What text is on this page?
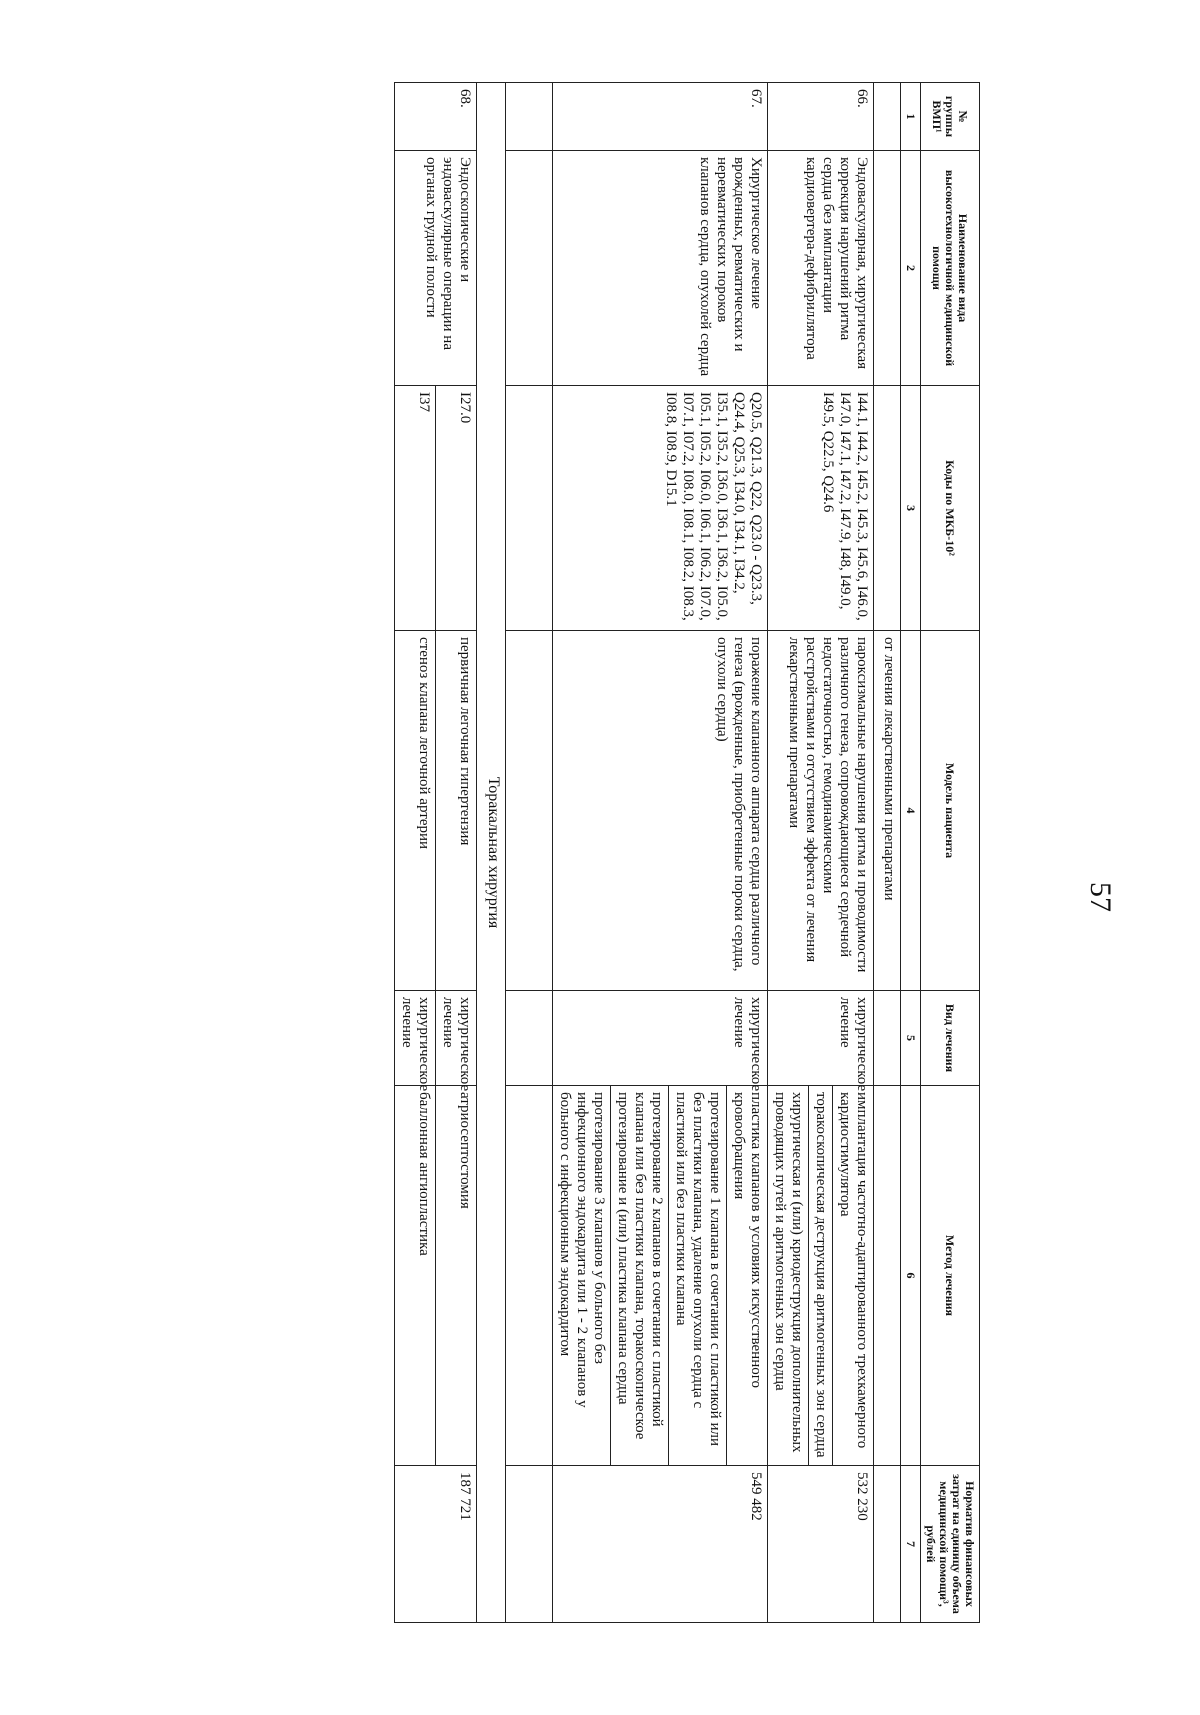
57
№ группы ВМП¹	Наименование вида высокотехнологичной медицинской помощи	Коды по МКБ-10²	Модель пациента	Вид лечения	Метод лечения	Норматив финансовых затрат на единицу объема медицинской помощи³, рублей
1	2	3	4	5	6	7
			от лечения лекарственными препаратами			
66.	Эндоваскулярная, хирургическая коррекция нарушений ритма сердца без имплантации кардиовертера-дефибриллятора	I44.1, I44.2, I45.2, I45.3, I45.6, I46.0, I47.0, I47.1, I47.2, I47.9, I48, I49.0, I49.5, Q22.5, Q24.6	пароксизмальные нарушения ритма и проводимости различного генеза, сопровождающиеся сердечной недостаточностью, гемодинамическими расстройствами и отсутствием эффекта от лечения лекарственными препаратами	хирургическое лечение	имплантация частотно-адаптированного трехкамерного кардиостимулятора	532 230
					торакоскопическая деструкция аритмогенных зон сердца	
					хирургическая и (или) криодеструкция дополнительных проводящих путей и аритмогенных зон сердца	
67.	Хирургическое лечение врожденных, ревматических и неревматических пороков клапанов сердца, опухолей сердца	Q20.5, Q21.3, Q22, Q23.0 - Q23.3, Q24.4, Q25.3, I34.0, I34.1, I34.2, I35.1, I35.2, I36.0, I36.1, I36.2, I05.0, I05.1, I05.2, I06.0, I06.1, I06.2, I07.0, I07.1, I07.2, I08.0, I08.1, I08.2, I08.3, I08.8, I08.9, D15.1	поражение клапанного аппарата сердца различного генеза (врожденные, приобретенные пороки сердца, опухоли сердца)	хирургическое лечение	пластика клапанов в условиях искусственного кровообращения	549 482
					протезирование 1 клапана в сочетании с пластикой или без пластики клапана, удаление опухоли сердца с пластикой или без пластики клапана	
					протезирование 2 клапанов в сочетании с пластикой клапана или без пластики клапана, торакоскопическое протезирование и (или) пластика клапана сердца	
					протезирование 3 клапанов у больного без инфекционного эндокардита или 1 - 2 клапанов у больного с инфекционным эндокардитом	

Торакальная хирургия						
68.	Эндоскопические и эндоваскулярные операции на органах грудной полости	I27.0	первичная легочная гипертензия	хирургическое лечение	атриосептостомия	187 721
		I37	стеноз клапана легочной артерии	хирургическое лечение	баллонная ангиопластика	
